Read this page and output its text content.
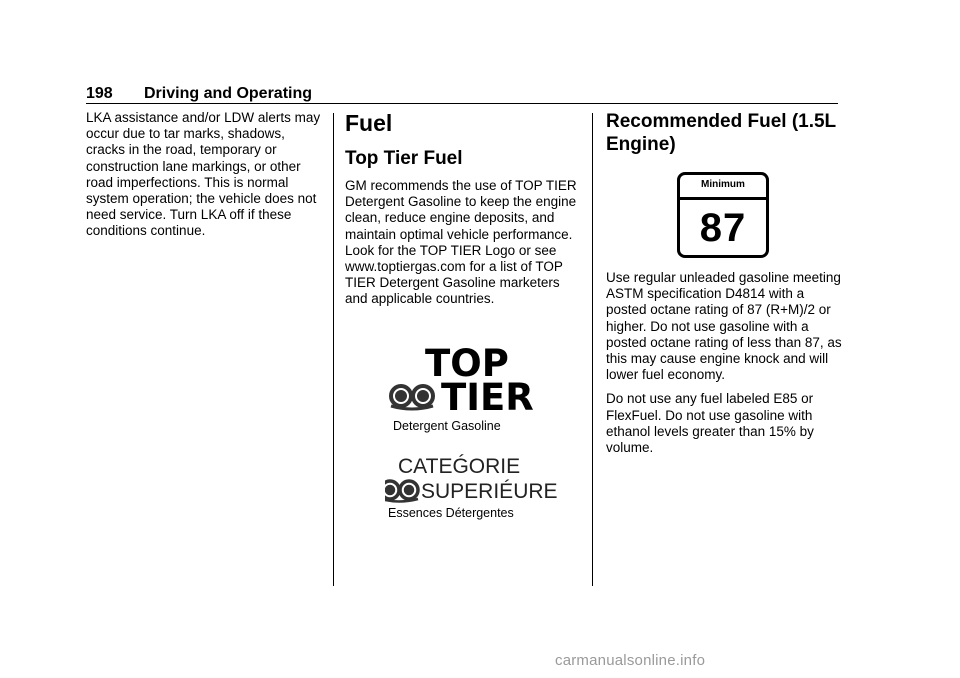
198 Driving and Operating

LKA assistance and/or LDW alerts may occur due to tar marks, shadows, cracks in the road, temporary or construction lane markings, or other road imperfections. This is normal system operation; the vehicle does not need service. Turn LKA off if these conditions continue.

Fuel
Top Tier Fuel

GM recommends the use of TOP TIER Detergent Gasoline to keep the engine clean, reduce engine deposits, and maintain optimal vehicle performance. Look for the TOP TIER Logo or see www.toptiergas.com for a list of TOP TIER Detergent Gasoline marketers and applicable countries.

TOP
TIER
Detergent Gasoline
CATEǴORIE
SUPERIÉURE
Essences Détergentes
Recommended Fuel (1.5L Engine)
Minimum
87

Use regular unleaded gasoline meeting ASTM specification D4814 with a posted octane rating of 87 (R+M)/2 or higher. Do not use gasoline with a posted octane rating of less than 87, as this may cause engine knock and will lower fuel economy.

Do not use any fuel labeled E85 or FlexFuel. Do not use gasoline with ethanol levels greater than 15% by volume.

carmanualsonline.info
